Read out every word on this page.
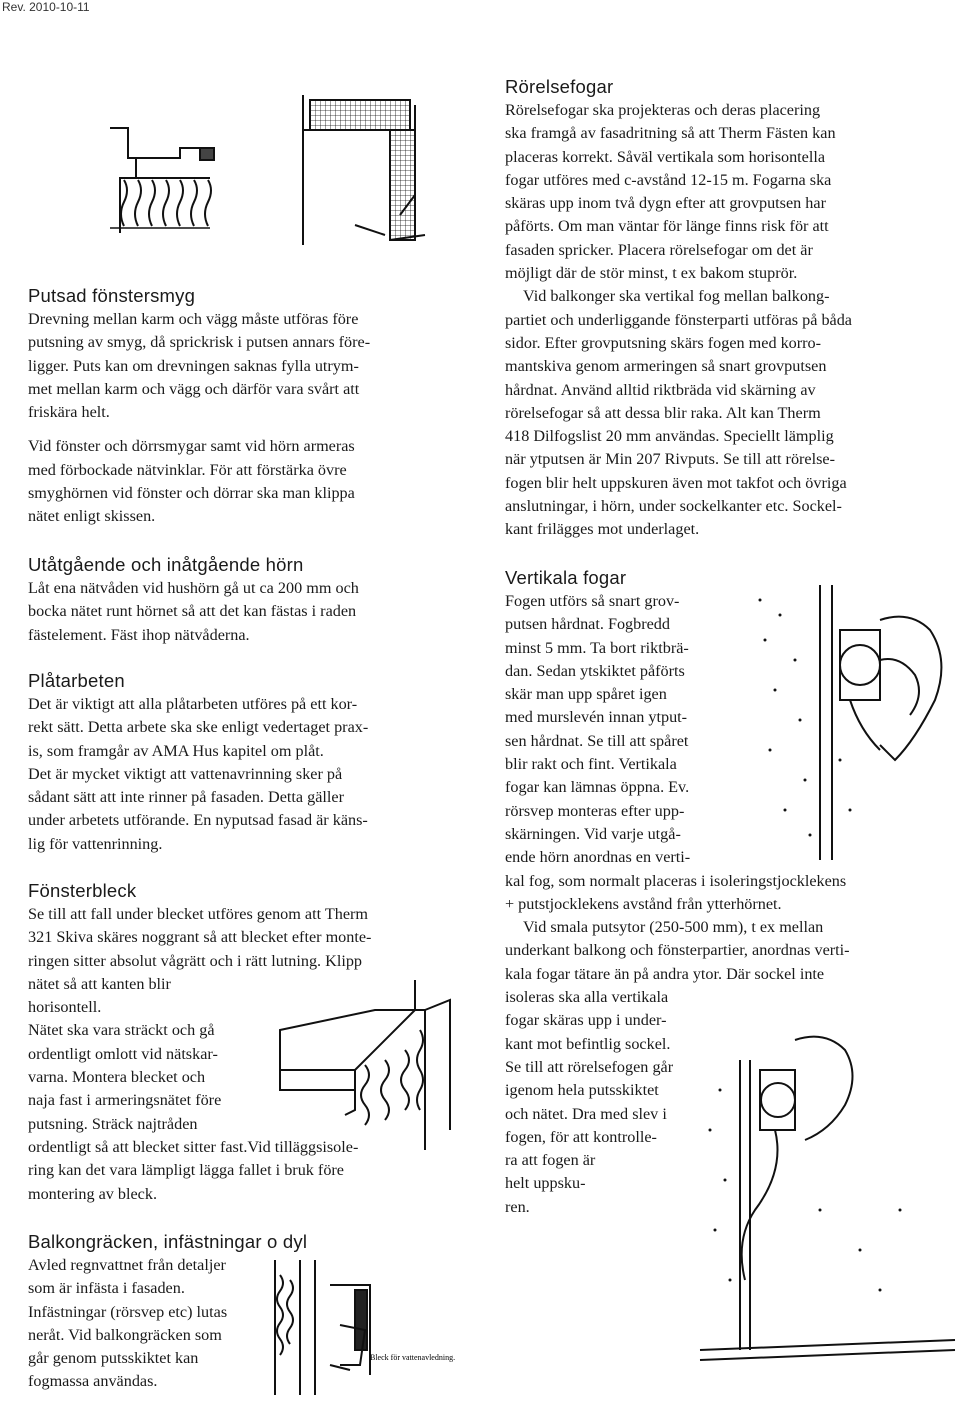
Rev. 2010-10-11
Bleck för vattenavledning.
Putsad fönstersmyg
Drevning mellan karm och vägg måste utföras före
putsning av smyg, då sprickrisk i putsen annars före-
ligger. Puts kan om drevningen saknas fylla utrym-
met mellan karm och vägg och därför vara svårt att
friskära helt.
Vid fönster och dörrsmygar samt vid hörn armeras
med förbockade nätvinklar. För att förstärka övre
smyghörnen vid fönster och dörrar ska man klippa
nätet enligt skissen.
Utåtgående och inåtgående hörn
Låt ena nätvåden vid hushörn gå ut ca 200 mm och
bocka nätet runt hörnet så att det kan fästas i raden
fästelement. Fäst ihop nätvåderna.
Plåtarbeten
Det är viktigt att alla plåtarbeten utföres på ett kor-
rekt sätt. Detta arbete ska ske enligt vedertaget prax-
is, som framgår av AMA Hus kapitel om plåt.
Det är mycket viktigt att vattenavrinning sker på
sådant sätt att inte rinner på fasaden. Detta gäller
under arbetets utförande. En nyputsad fasad är käns-
lig för vattenrinning.
Fönsterbleck
Se till att fall under blecket utföres genom att Therm
321 Skiva skäres noggrant så att blecket efter monte-
ringen sitter absolut vågrätt och i rätt lutning. Klipp
nätet så att kanten blir
horisontell.
Nätet ska vara sträckt och gå
ordentligt omlott vid nätskar-
varna. Montera blecket och
naja fast i armeringsnätet före
putsning. Sträck najtråden
ordentligt så att blecket sitter fast.Vid tilläggsisole-
ring kan det vara lämpligt lägga fallet i bruk före
montering av bleck.
Balkongräcken, infästningar o dyl
Avled regnvattnet från detaljer
som är infästa i fasaden.
Infästningar (rörsvep etc) lutas
neråt. Vid balkongräcken som
går genom putsskiktet kan
fogmassa användas.
Rörelsefogar
Rörelsefogar ska projekteras och deras placering
ska framgå av fasadritning så att Therm Fästen kan
placeras korrekt. Såväl vertikala som horisontella
fogar utföres med c-avstånd 12-15 m. Fogarna ska
skäras upp inom två dygn efter att grovputsen har
påförts. Om man väntar för länge finns risk för att
fasaden spricker. Placera rörelsefogar om det är
möjligt där de stör minst, t ex bakom stuprör.
Vid balkonger ska vertikal fog mellan balkong-
partiet och underliggande fönsterparti utföras på båda
sidor. Efter grovputsning skärs fogen med korro-
mantskiva genom armeringen så snart grovputsen
hårdnat. Använd alltid riktbräda vid skärning av
rörelsefogar så att dessa blir raka. Alt kan Therm
418 Dilfogslist 20 mm användas. Speciellt lämplig
när ytputsen är Min 207 Rivputs. Se till att rörelse-
fogen blir helt uppskuren även mot takfot och övriga
anslutningar, i hörn, under sockelkanter etc. Sockel-
kant frilägges mot underlaget.
Vertikala fogar
Fogen utförs så snart grov-
putsen hårdnat. Fogbredd
minst 5 mm. Ta bort riktbrä-
dan. Sedan ytskiktet påförts
skär man upp spåret igen
med murslevén innan ytput-
sen hårdnat. Se till att spåret
blir rakt och fint. Vertikala
fogar kan lämnas öppna. Ev.
rörsvep monteras efter upp-
skärningen. Vid varje utgå-
ende hörn anordnas en verti-
kal fog, som normalt placeras i isoleringstjocklekens
+ putstjocklekens avstånd från ytterhörnet.
Vid smala putsytor (250-500 mm), t ex mellan
underkant balkong och fönsterpartier, anordnas verti-
kala fogar tätare än på andra ytor. Där sockel inte
isoleras ska alla vertikala
fogar skäras upp i under-
kant mot befintlig sockel.
Se till att rörelsefogen går
igenom hela putsskiktet
och nätet. Dra med slev i
fogen, för att kontrolle-
ra att fogen är
helt uppsku-
ren.
